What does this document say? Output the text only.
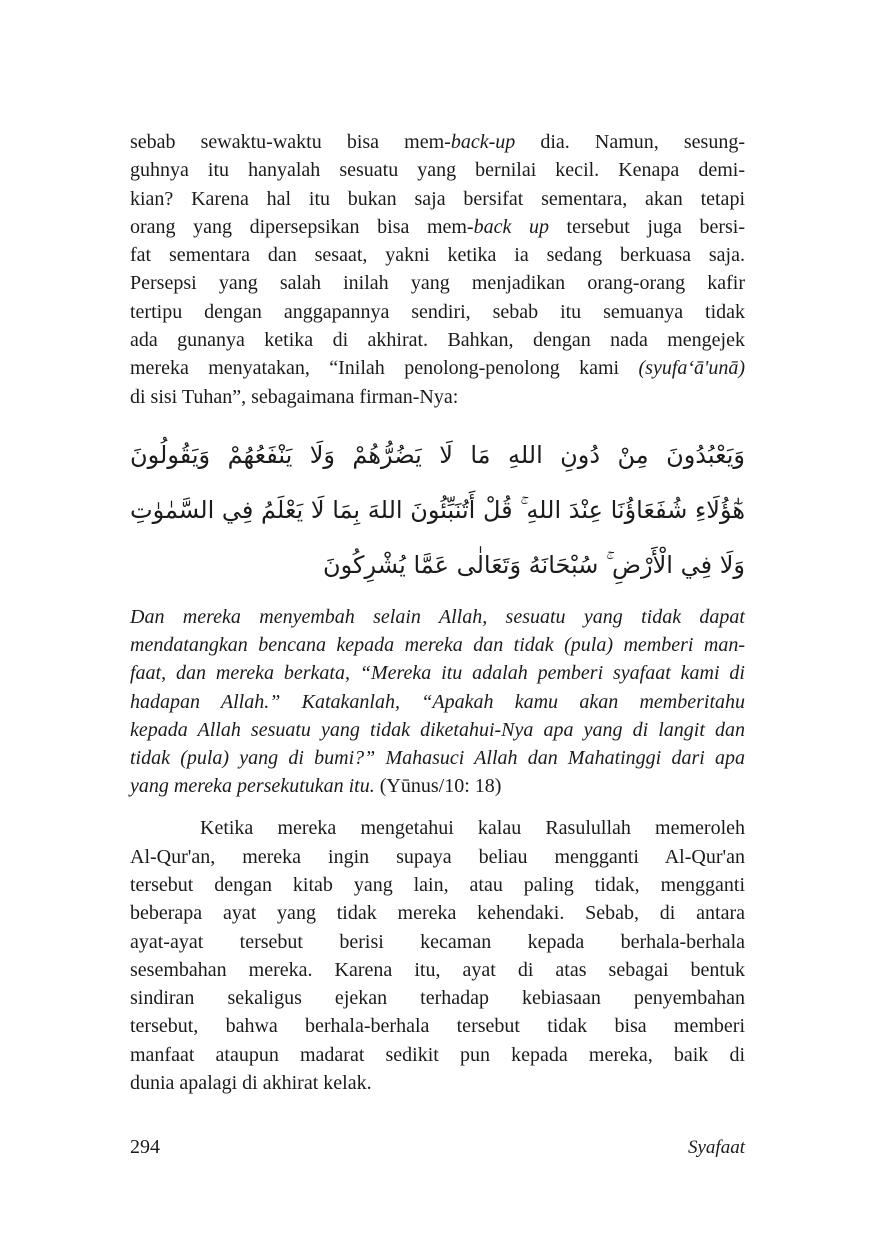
sebab sewaktu-waktu bisa mem-back-up dia. Namun, sesung-
guhnya itu hanyalah sesuatu yang bernilai kecil. Kenapa demi-
kian? Karena hal itu bukan saja bersifat sementara, akan tetapi
orang yang dipersepsikan bisa mem-back up tersebut juga bersi-
fat sementara dan sesaat, yakni ketika ia sedang berkuasa saja.
Persepsi yang salah inilah yang menjadikan orang-orang kafir
tertipu dengan anggapannya sendiri, sebab itu semuanya tidak
ada gunanya ketika di akhirat. Bahkan, dengan nada mengejek
mereka menyatakan, “Inilah penolong-penolong kami (syufa‘ā'unā)
di sisi Tuhan”, sebagaimana firman-Nya:
وَيَعْبُدُونَ مِنْ دُونِ اللهِ مَا لَا يَضُرُّهُمْ وَلَا يَنْفَعُهُمْ وَيَقُولُونَ
هٰٓؤُلَاءِ شُفَعَاؤُنَا عِنْدَ اللهِ ۚ قُلْ أَتُنَبِّئُونَ اللهَ بِمَا لَا يَعْلَمُ فِي السَّمٰوٰتِ
وَلَا فِي الْأَرْضِ ۚ سُبْحَانَهُ وَتَعَالٰى عَمَّا يُشْرِكُونَ
Dan mereka menyembah selain Allah, sesuatu yang tidak dapat
mendatangkan bencana kepada mereka dan tidak (pula) memberi man-
faat, dan mereka berkata, “Mereka itu adalah pemberi syafaat kami di
hadapan Allah.” Katakanlah, “Apakah kamu akan memberitahu
kepada Allah sesuatu yang tidak diketahui-Nya apa yang di langit dan
tidak (pula) yang di bumi?” Mahasuci Allah dan Mahatinggi dari apa
yang mereka persekutukan itu. (Yūnus/10: 18)
Ketika mereka mengetahui kalau Rasulullah memeroleh
Al-Qur'an, mereka ingin supaya beliau mengganti Al-Qur'an
tersebut dengan kitab yang lain, atau paling tidak, mengganti
beberapa ayat yang tidak mereka kehendaki. Sebab, di antara
ayat-ayat tersebut berisi kecaman kepada berhala-berhala
sesembahan mereka. Karena itu, ayat di atas sebagai bentuk
sindiran sekaligus ejekan terhadap kebiasaan penyembahan
tersebut, bahwa berhala-berhala tersebut tidak bisa memberi
manfaat ataupun madarat sedikit pun kepada mereka, baik di
dunia apalagi di akhirat kelak.
294	Syafaat
